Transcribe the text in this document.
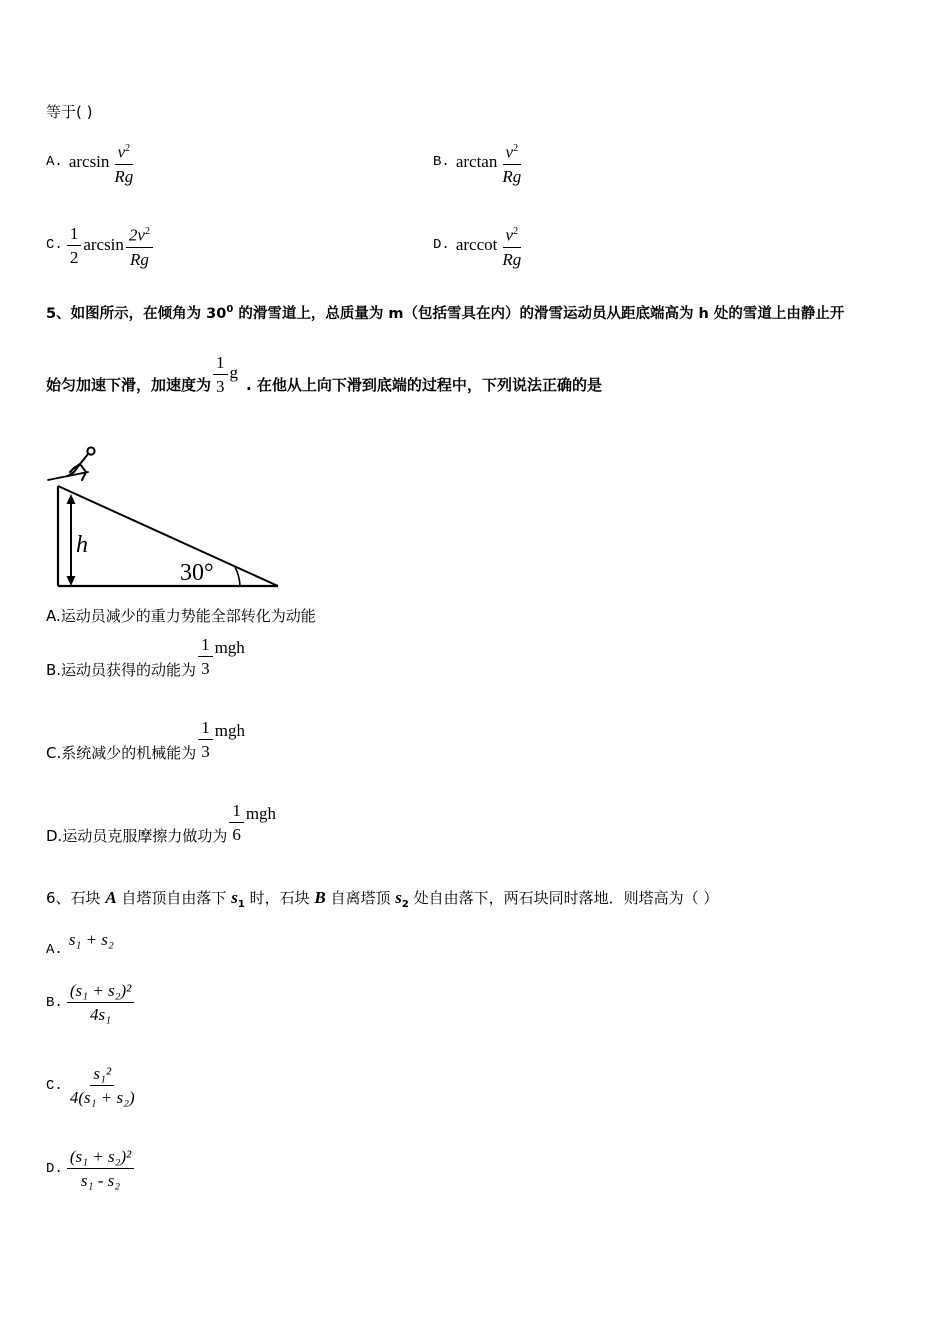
等于( )
A. $\arcsin \frac{v^2}{Rg}$	B. $\arctan \frac{v^2}{Rg}$
C. $\frac{1}{2}$ $\arcsin \frac{2v^2}{Rg}$	D. arccot $\frac{v^2}{Rg}$
5、如图所示，在倾角为 $30^0$ 的滑雪道上，总质量为 m（包括雪具在内）的滑雪运动员从距底端高为 h 处的雪道上由静止开
始匀加速下滑，加速度为 $\frac{1}{3}$ g
. 在他从上向下滑到底端的过程中，下列说法正确的是
h
30°
A.运动员减少的重力势能全部转化为动能
B.运动员获得的动能为 $\frac{1}{3}$ mgh
C.系统减少的机械能为 $\frac{1}{3}$ mgh
D.运动员克服摩擦力做功为 $\frac{1}{6}$ mgh
6、石块 A 自塔顶自由落下 $s_1$ 时，石块 B 自离塔顶 $s_2$ 处自由落下，两石块同时落地．则塔高为（ ）
A.
s₁ + s₂
B. $\frac{\text{(s₁ + s₂)²}}{\text{4s₁}}$
C. $\frac{\text{s₁²}}{\text{4(s₁ + s₂)}}$
D. $\frac{\text{(s₁ + s₂)²}}{\text{s₁ - s₂}}$
